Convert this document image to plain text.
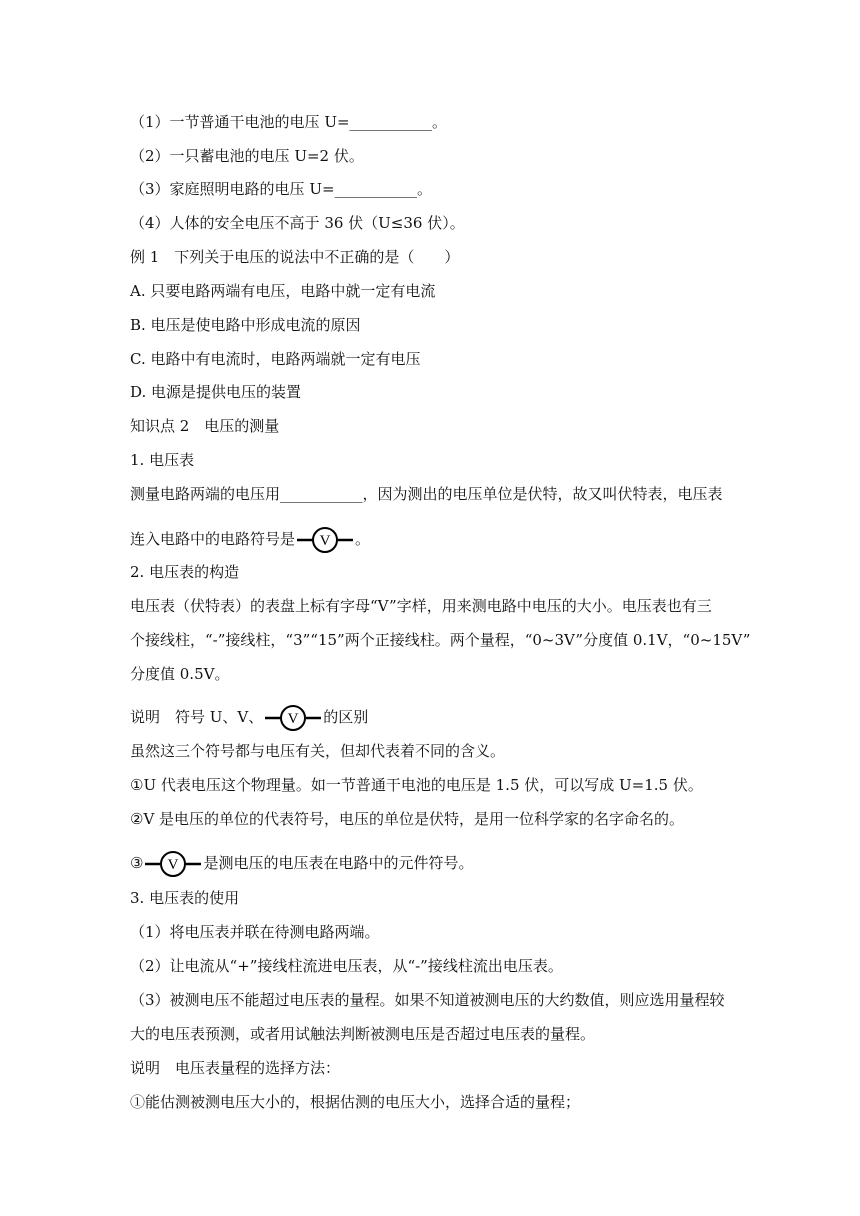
（1）一节普通干电池的电压 U=___________。
（2）一只蓄电池的电压 U=2 伏。
（3）家庭照明电路的电压 U=___________。
（4）人体的安全电压不高于 36 伏（U≤36 伏）。
例 1　下列关于电压的说法中不正确的是（　　）
A. 只要电路两端有电压，电路中就一定有电流
B. 电压是使电路中形成电流的原因
C. 电路中有电流时，电路两端就一定有电压
D. 电源是提供电压的装置
知识点 2　电压的测量
1. 电压表
测量电路两端的电压用___________，因为测出的电压单位是伏特，故又叫伏特表，电压表
连入电路中的电路符号是 V 。
2. 电压表的构造
电压表（伏特表）的表盘上标有字母“V”字样，用来测电路中电压的大小。电压表也有三
个接线柱，“-”接线柱，“3”“15”两个正接线柱。两个量程，“0~3V”分度值 0.1V，“0~15V”
分度值 0.5V。
说明　符号 U、V、 V 的区别
虽然这三个符号都与电压有关，但却代表着不同的含义。
①U 代表电压这个物理量。如一节普通干电池的电压是 1.5 伏，可以写成 U=1.5 伏。
②V 是电压的单位的代表符号，电压的单位是伏特，是用一位科学家的名字命名的。
③ V 是测电压的电压表在电路中的元件符号。
3. 电压表的使用
（1）将电压表并联在待测电路两端。
（2）让电流从“+”接线柱流进电压表，从“-”接线柱流出电压表。
（3）被测电压不能超过电压表的量程。如果不知道被测电压的大约数值，则应选用量程较
大的电压表预测，或者用试触法判断被测电压是否超过电压表的量程。
说明　电压表量程的选择方法：
①能估测被测电压大小的，根据估测的电压大小，选择合适的量程；
